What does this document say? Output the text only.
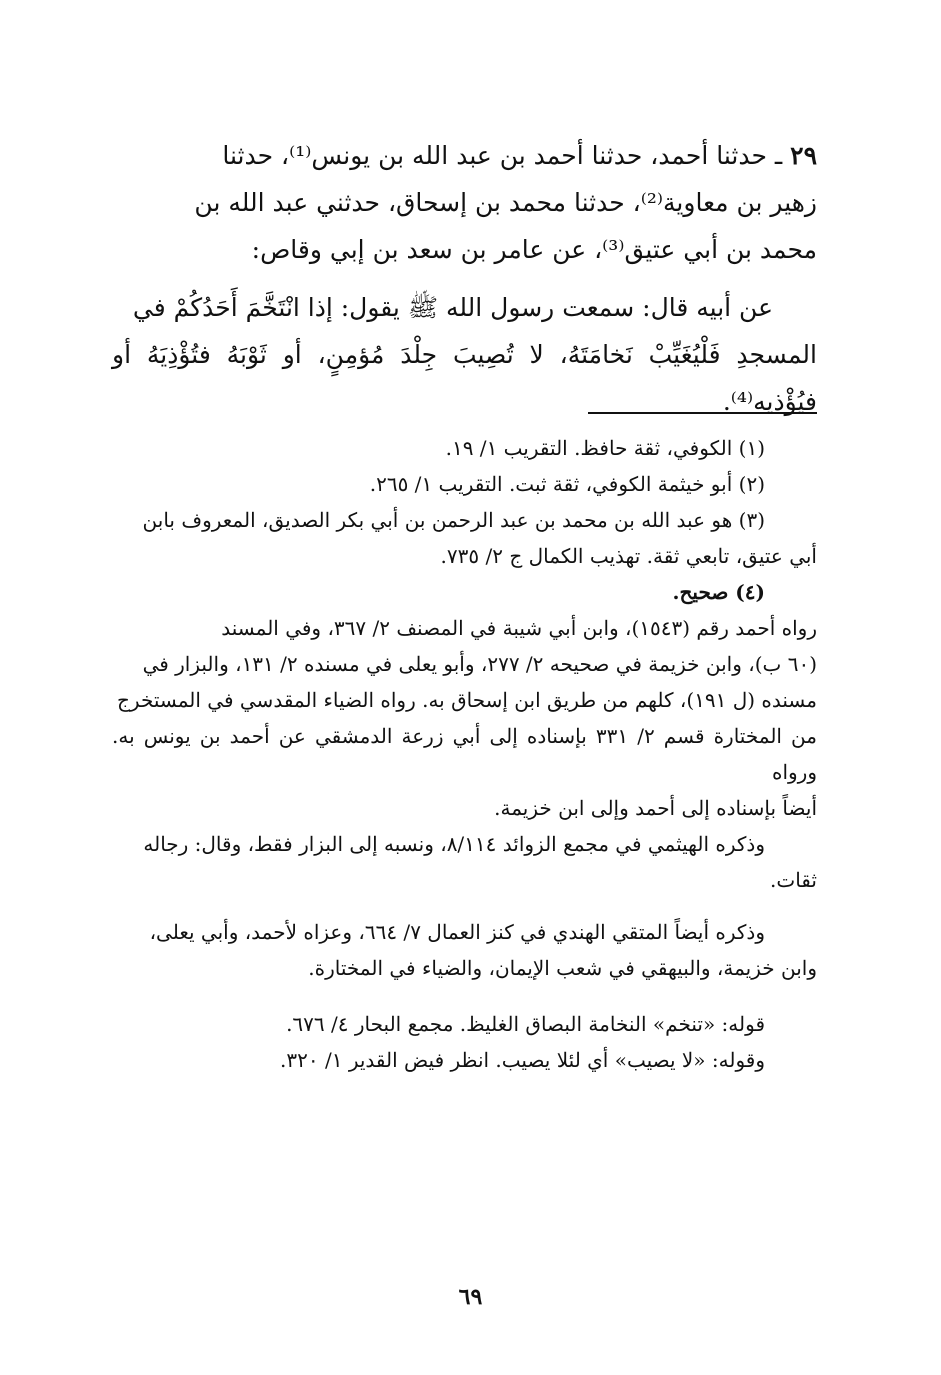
٢٩ ـ حدثنا أحمد، حدثنا أحمد بن عبد الله بن يونس⁽¹⁾، حدثنا

زهير بن معاوية⁽²⁾، حدثنا محمد بن إسحاق، حدثني عبد الله بن

محمد بن أبي عتيق⁽³⁾، عن عامر بن سعد بن إبي وقاص:

عن أبيه قال: سمعت رسول الله ﷺ يقول: إذا انْتَخَّمَ أَحَدُكُمْ في

المسجدِ فَلْيُغَيِّبْ نَخامَتَهُ، لا تُصِيبَ جِلْدَ مُؤمِنٍ، أو ثَوْبَهُ فتُؤْذِيَهُ أو فيُؤْذيه⁽⁴⁾.

(١) الكوفي، ثقة حافظ. التقريب ١/ ١٩.

(٢) أبو خيثمة الكوفي، ثقة ثبت. التقريب ١/ ٢٦٥.

(٣) هو عبد الله بن محمد بن عبد الرحمن بن أبي بكر الصديق، المعروف بابن

أبي عتيق، تابعي ثقة. تهذيب الكمال ج ٢/ ٧٣٥.

(٤) صحيح.

رواه أحمد رقم (١٥٤٣)، وابن أبي شيبة في المصنف ٢/ ٣٦٧، وفي المسند

(٦٠ ب)، وابن خزيمة في صحيحه ٢/ ٢٧٧، وأبو يعلى في مسنده ٢/ ١٣١، والبزار في

مسنده (ل ١٩١)، كلهم من طريق ابن إسحاق به. رواه الضياء المقدسي في المستخرج

من المختارة قسم ٢/ ٣٣١ بإسناده إلى أبي زرعة الدمشقي عن أحمد بن يونس به. ورواه

أيضاً بإسناده إلى أحمد وإلى ابن خزيمة.

وذكره الهيثمي في مجمع الزوائد ٨/١١٤، ونسبه إلى البزار فقط، وقال: رجاله

ثقات.

وذكره أيضاً المتقي الهندي في كنز العمال ٧/ ٦٦٤، وعزاه لأحمد، وأبي يعلى،

وابن خزيمة، والبيهقي في شعب الإيمان، والضياء في المختارة.

قوله: «تنخم» النخامة البصاق الغليظ. مجمع البحار ٤/ ٦٧٦.

وقوله: «لا يصيب» أي لئلا يصيب. انظر فيض القدير ١/ ٣٢٠.

٦٩
